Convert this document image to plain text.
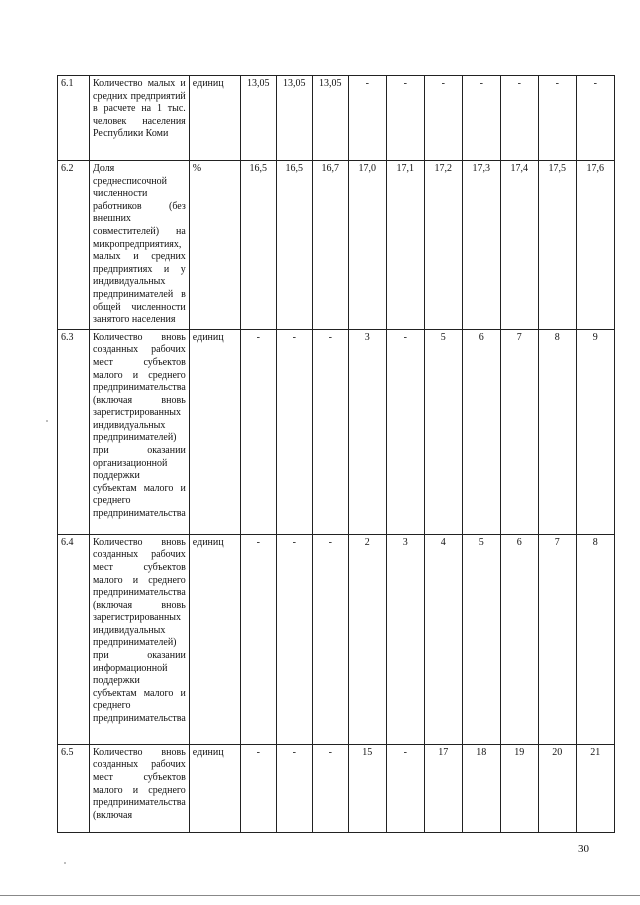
6.1	Количество малых и средних предприятий в расчете на 1 тыс. человек населения Республики Коми	единиц	13,05	13,05	13,05	-	-	-	-	-	-	-
6.2	Доля среднесписочной численности работников (без внешних совместителей) на микропредприятиях, малых и средних предприятиях и у индивидуальных предпринимателей в общей численности занятого населения	%	16,5	16,5	16,7	17,0	17,1	17,2	17,3	17,4	17,5	17,6
6.3	Количество вновь созданных рабочих мест субъектов малого и среднего предпринимательства (включая вновь зарегистрированных индивидуальных предпринимателей) при оказании организационной поддержки субъектам малого и среднего предпринимательства	единиц	-	-	-	3	-	5	6	7	8	9
6.4	Количество вновь созданных рабочих мест субъектов малого и среднего предпринимательства (включая вновь зарегистрированных индивидуальных предпринимателей) при оказании информационной поддержки субъектам малого и среднего предпринимательства	единиц	-	-	-	2	3	4	5	6	7	8
6.5	Количество вновь созданных рабочих мест субъектов малого и среднего предпринимательства (включая	единиц	-	-	-	15	-	17	18	19	20	21
30
